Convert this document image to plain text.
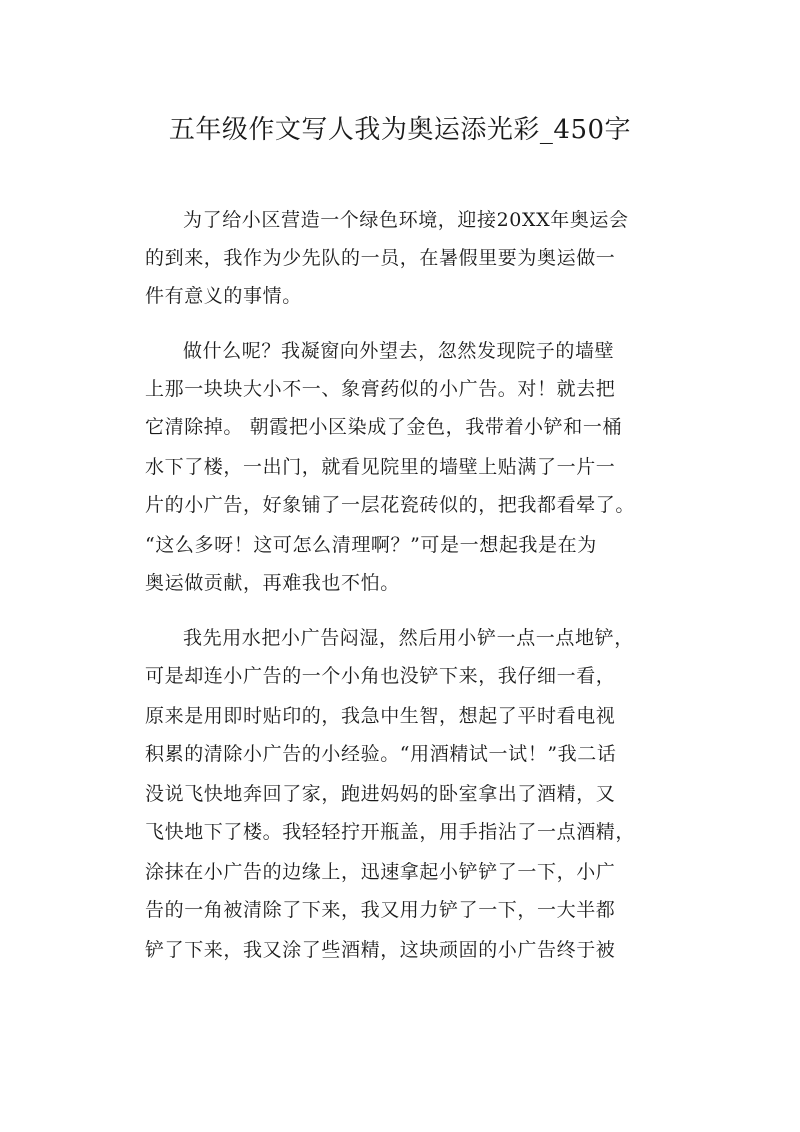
五年级作文写人我为奥运添光彩_450字
为了给小区营造一个绿色环境，迎接20XX年奥运会
的到来，我作为少先队的一员，在暑假里要为奥运做一
件有意义的事情。
做什么呢？我凝窗向外望去，忽然发现院子的墙壁
上那一块块大小不一、象膏药似的小广告。对！就去把
它清除掉。 朝霞把小区染成了金色，我带着小铲和一桶
水下了楼，一出门，就看见院里的墙壁上贴满了一片一
片的小广告，好象铺了一层花瓷砖似的，把我都看晕了。
“这么多呀！这可怎么清理啊？”可是一想起我是在为
奥运做贡献，再难我也不怕。
我先用水把小广告闷湿，然后用小铲一点一点地铲，
可是却连小广告的一个小角也没铲下来，我仔细一看，
原来是用即时贴印的，我急中生智，想起了平时看电视
积累的清除小广告的小经验。“用酒精试一试！”我二话
没说飞快地奔回了家，跑进妈妈的卧室拿出了酒精，又
飞快地下了楼。我轻轻拧开瓶盖，用手指沾了一点酒精，
涂抹在小广告的边缘上，迅速拿起小铲铲了一下，小广
告的一角被清除了下来，我又用力铲了一下，一大半都
铲了下来，我又涂了些酒精，这块顽固的小广告终于被
